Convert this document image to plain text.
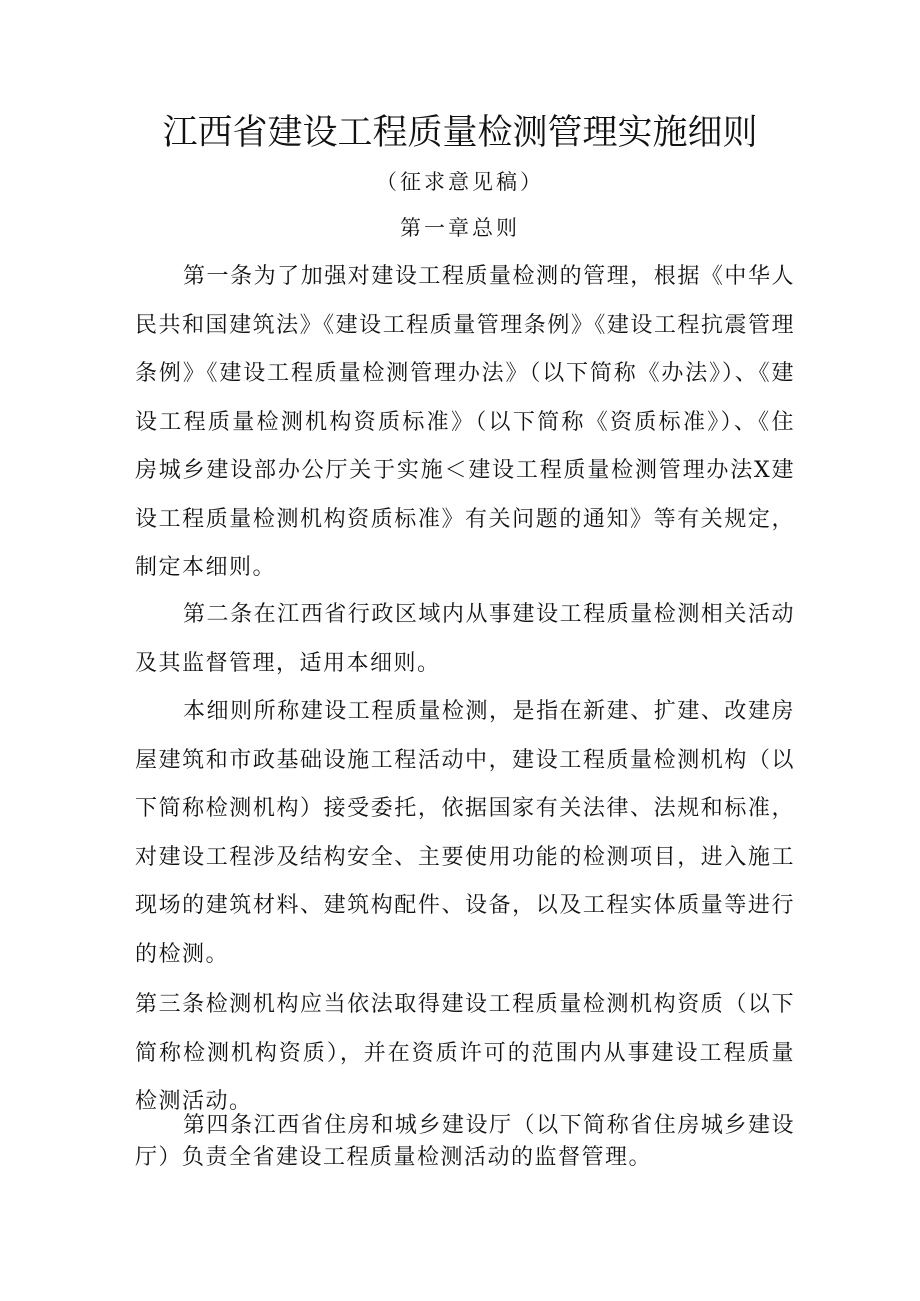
江西省建设工程质量检测管理实施细则

（征求意见稿）

第一章总则

第一条为了加强对建设工程质量检测的管理，根据《中华人民共和国建筑法》《建设工程质量管理条例》《建设工程抗震管理条例》《建设工程质量检测管理办法》（以下简称《办法》）、《建设工程质量检测机构资质标准》（以下简称《资质标准》）、《住房城乡建设部办公厅关于实施＜建设工程质量检测管理办法X建设工程质量检测机构资质标准》有关问题的通知》等有关规定，制定本细则。

第二条在江西省行政区域内从事建设工程质量检测相关活动及其监督管理，适用本细则。

本细则所称建设工程质量检测，是指在新建、扩建、改建房屋建筑和市政基础设施工程活动中，建设工程质量检测机构（以下简称检测机构）接受委托，依据国家有关法律、法规和标准，对建设工程涉及结构安全、主要使用功能的检测项目，进入施工现场的建筑材料、建筑构配件、设备，以及工程实体质量等进行的检测。

第三条检测机构应当依法取得建设工程质量检测机构资质（以下简称检测机构资质），并在资质许可的范围内从事建设工程质量检测活动。

第四条江西省住房和城乡建设厅（以下简称省住房城乡建设厅）负责全省建设工程质量检测活动的监督管理。
